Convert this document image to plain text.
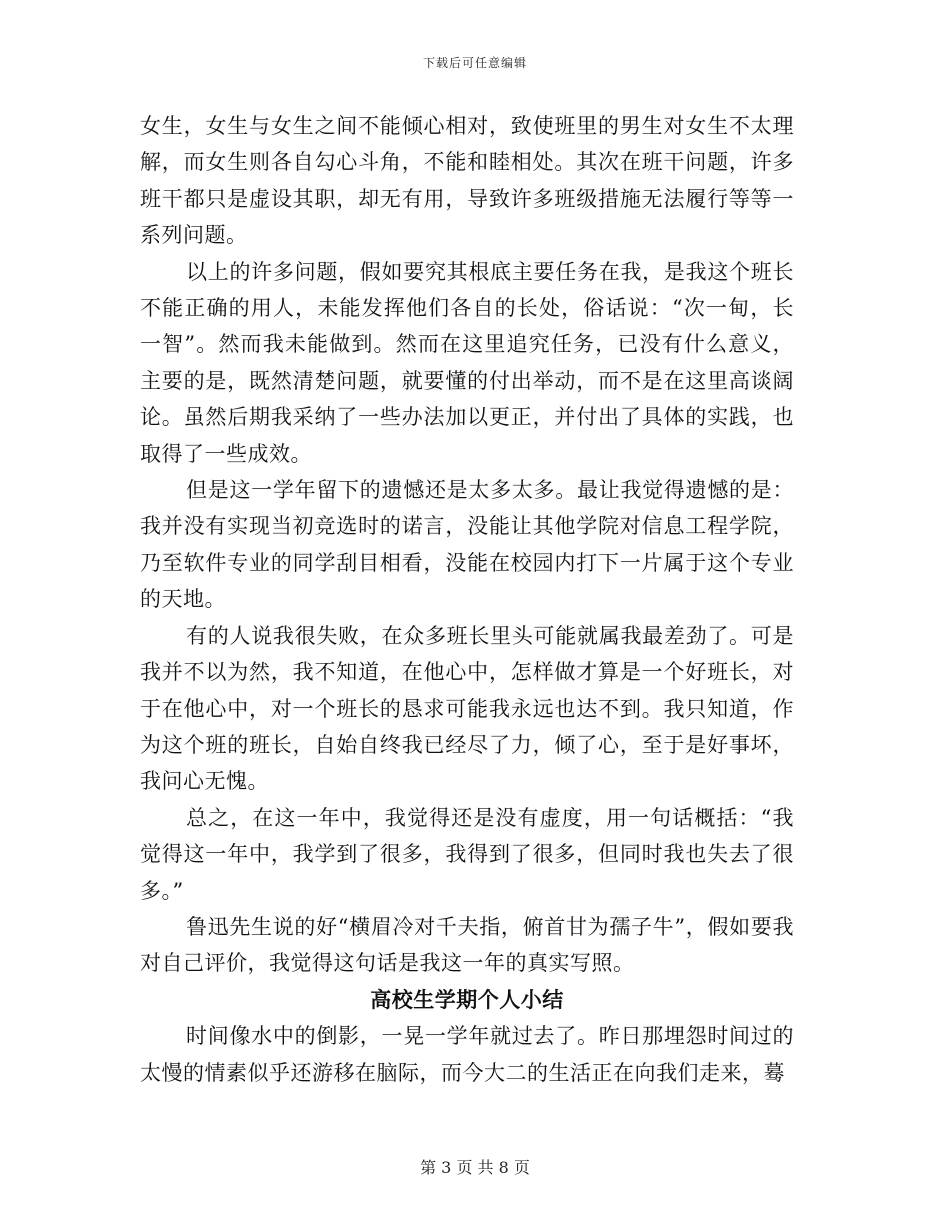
下载后可任意编辑

女生，女生与女生之间不能倾心相对，致使班里的男生对女生不太理解，而女生则各自勾心斗角，不能和睦相处。其次在班干问题，许多班干都只是虚设其职，却无有用，导致许多班级措施无法履行等等一系列问题。

以上的许多问题，假如要究其根底主要任务在我，是我这个班长不能正确的用人，未能发挥他们各自的长处，俗话说：“次一甸，长一智”。然而我未能做到。然而在这里追究任务，已没有什么意义，主要的是，既然清楚问题，就要懂的付出举动，而不是在这里高谈阔论。虽然后期我采纳了一些办法加以更正，并付出了具体的实践，也取得了一些成效。

但是这一学年留下的遗憾还是太多太多。最让我觉得遗憾的是：我并没有实现当初竞选时的诺言，没能让其他学院对信息工程学院，乃至软件专业的同学刮目相看，没能在校园内打下一片属于这个专业的天地。

有的人说我很失败，在众多班长里头可能就属我最差劲了。可是我并不以为然，我不知道，在他心中，怎样做才算是一个好班长，对于在他心中，对一个班长的恳求可能我永远也达不到。我只知道，作为这个班的班长，自始自终我已经尽了力，倾了心，至于是好事坏，我问心无愧。

总之，在这一年中，我觉得还是没有虚度，用一句话概括：“我觉得这一年中，我学到了很多，我得到了很多，但同时我也失去了很多。”

鲁迅先生说的好“横眉冷对千夫指，俯首甘为孺子牛”，假如要我对自己评价，我觉得这句话是我这一年的真实写照。

高校生学期个人小结

时间像水中的倒影，一晃一学年就过去了。昨日那埋怨时间过的太慢的情素似乎还游移在脑际，而今大二的生活正在向我们走来，蓦

第 3 页 共 8 页
